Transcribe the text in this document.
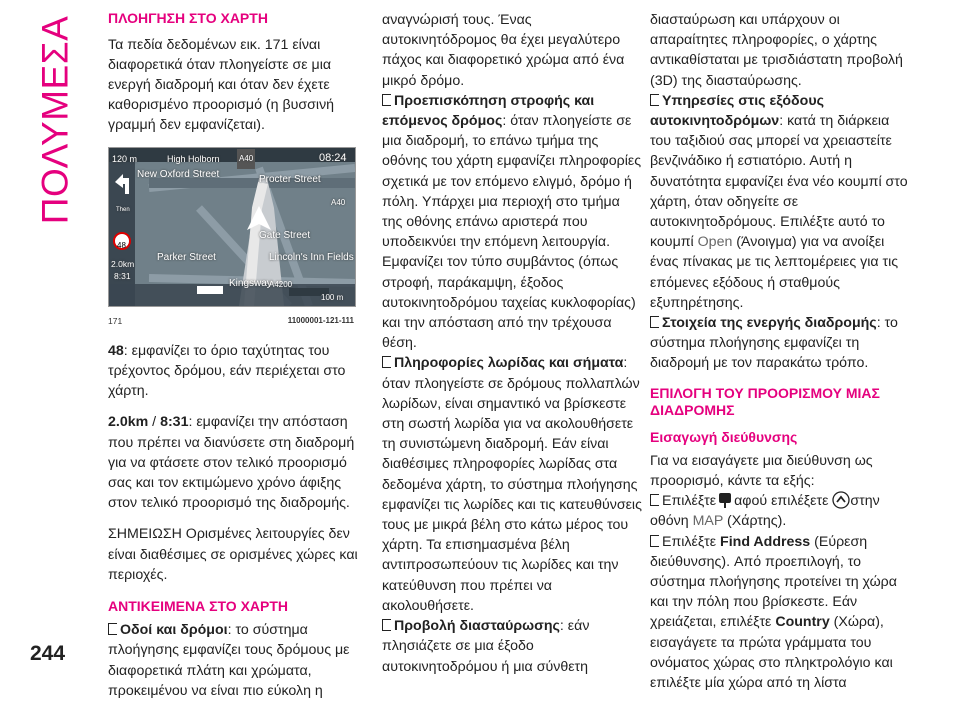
ΠΟΛΥΜΕΣΑ
244
ΠΛΟΗΓΗΣΗ ΣΤΟ ΧΑΡΤΗ

Τα πεδία δεδομένων εικ. 171 είναι διαφορετικά όταν πλοηγείστε σε μια ενεργή διαδρομή και όταν δεν έχετε καθορισμένο προορισμό (η βυσσινή γραμμή δεν εμφανίζεται).

120 m	High Holborn A40	08:24
Then
48
2.0km
8:31
New Oxford Street	Procter Street
Gate Street
Parker Street	Lincoln's Inn Fields
Kingsway
A40
A4200
100 m
171	11000001-121-111

48: εμφανίζει το όριο ταχύτητας του τρέχοντος δρόμου, εάν περιέχεται στο χάρτη.

2.0km / 8:31: εμφανίζει την απόσταση που πρέπει να διανύσετε στη διαδρομή για να φτάσετε στον τελικό προορισμό σας και τον εκτιμώμενο χρόνο άφιξης στον τελικό προορισμό της διαδρομής.

ΣΗΜΕΙΩΣΗ Ορισμένες λειτουργίες δεν είναι διαθέσιμες σε ορισμένες χώρες και περιοχές.

ΑΝΤΙΚΕΙΜΕΝΑ ΣΤΟ ΧΑΡΤΗ

Οδοί και δρόμοι: το σύστημα πλοήγησης εμφανίζει τους δρόμους με διαφορετικά πλάτη και χρώματα, προκειμένου να είναι πιο εύκολη η

αναγνώρισή τους. Ένας αυτοκινητόδρομος θα έχει μεγαλύτερο πάχος και διαφορετικό χρώμα από ένα μικρό δρόμο.

Προεπισκόπηση στροφής και επόμενος δρόμος: όταν πλοηγείστε σε μια διαδρομή, το επάνω τμήμα της οθόνης του χάρτη εμφανίζει πληροφορίες σχετικά με τον επόμενο ελιγμό, δρόμο ή πόλη. Υπάρχει μια περιοχή στο τμήμα της οθόνης επάνω αριστερά που υποδεικνύει την επόμενη λειτουργία. Εμφανίζει τον τύπο συμβάντος (όπως στροφή, παράκαμψη, έξοδος αυτοκινητοδρόμου ταχείας κυκλοφορίας) και την απόσταση από την τρέχουσα θέση.

Πληροφορίες λωρίδας και σήματα: όταν πλοηγείστε σε δρόμους πολλαπλών λωρίδων, είναι σημαντικό να βρίσκεστε στη σωστή λωρίδα για να ακολουθήσετε τη συνιστώμενη διαδρομή. Εάν είναι διαθέσιμες πληροφορίες λωρίδας στα δεδομένα χάρτη, το σύστημα πλοήγησης εμφανίζει τις λωρίδες και τις κατευθύνσεις τους με μικρά βέλη στο κάτω μέρος του χάρτη. Τα επισημασμένα βέλη αντιπροσωπεύουν τις λωρίδες και την κατεύθυνση που πρέπει να ακολουθήσετε.

Προβολή διασταύρωσης: εάν πλησιάζετε σε μια έξοδο αυτοκινητοδρόμου ή μια σύνθετη

διασταύρωση και υπάρχουν οι απαραίτητες πληροφορίες, ο χάρτης αντικαθίσταται με τρισδιάστατη προβολή (3D) της διασταύρωσης.

Υπηρεσίες στις εξόδους αυτοκινητοδρόμων: κατά τη διάρκεια του ταξιδιού σας μπορεί να χρειαστείτε βενζινάδικο ή εστιατόριο. Αυτή η δυνατότητα εμφανίζει ένα νέο κουμπί στο χάρτη, όταν οδηγείτε σε αυτοκινητοδρόμους. Επιλέξτε αυτό το κουμπί Open (Άνοιγμα) για να ανοίξει ένας πίνακας με τις λεπτομέρειες για τις επόμενες εξόδους ή σταθμούς εξυπηρέτησης.

Στοιχεία της ενεργής διαδρομής: το σύστημα πλοήγησης εμφανίζει τη διαδρομή με τον παρακάτω τρόπο.

ΕΠΙΛΟΓΗ ΤΟΥ ΠΡΟΟΡΙΣΜΟΥ ΜΙΑΣ ΔΙΑΔΡΟΜΗΣ
Εισαγωγή διεύθυνσης

Για να εισαγάγετε μια διεύθυνση ως προορισμό, κάντε τα εξής:

Επιλέξτε αφού επιλέξετε στην οθόνη MAP (Χάρτης).

Επιλέξτε Find Address (Εύρεση διεύθυνσης). Από προεπιλογή, το σύστημα πλοήγησης προτείνει τη χώρα και την πόλη που βρίσκεστε. Εάν χρειάζεται, επιλέξτε Country (Χώρα), εισαγάγετε τα πρώτα γράμματα του ονόματος χώρας στο πληκτρολόγιο και επιλέξτε μία χώρα από τη λίστα
